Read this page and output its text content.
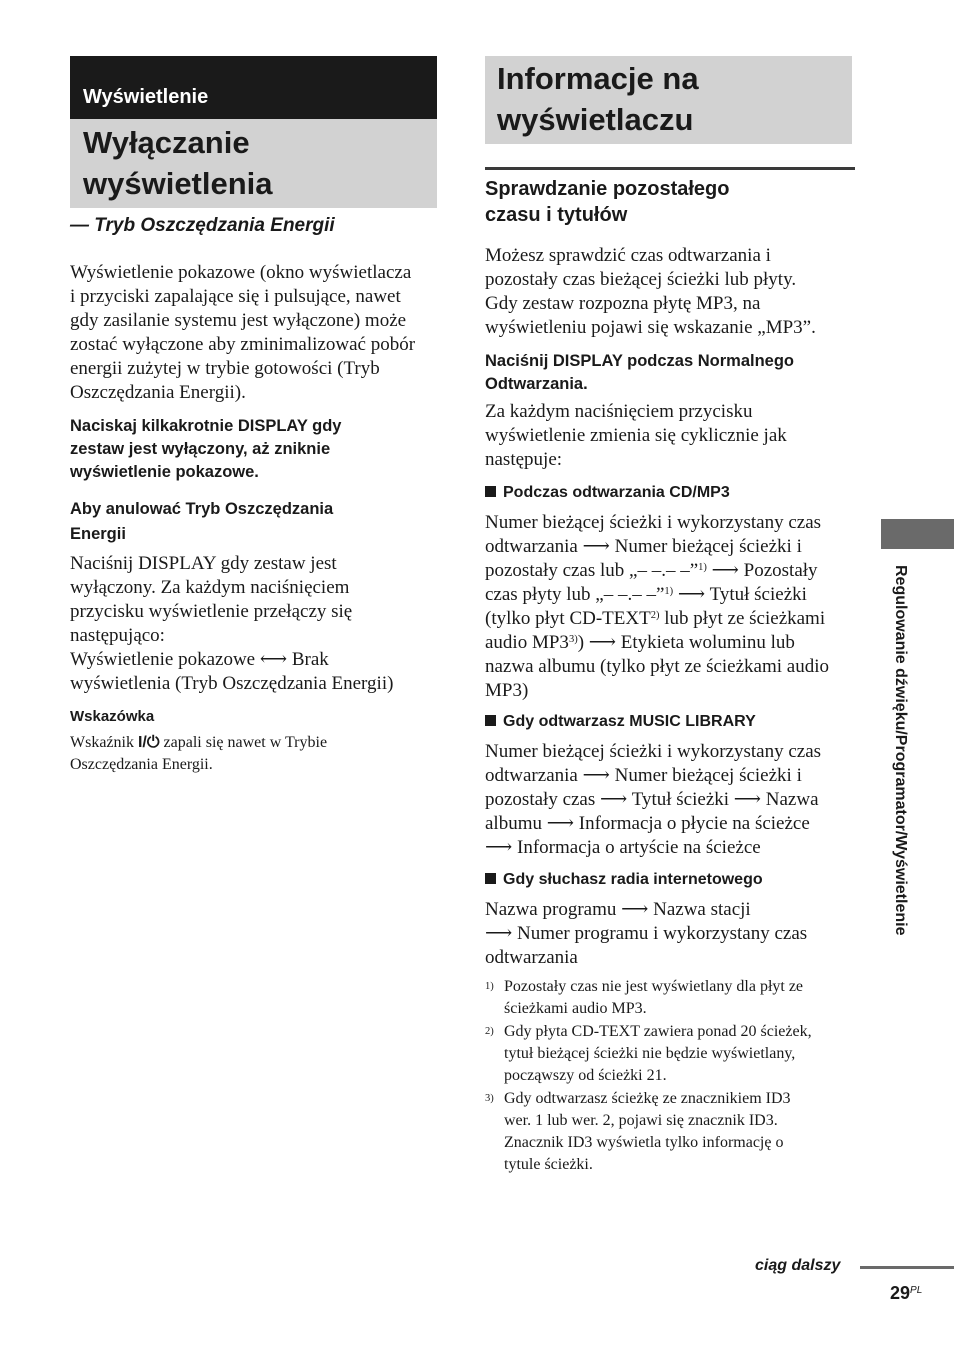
Wyświetlenie
Wyłączanie
wyświetlenia
— Tryb Oszczędzania Energii
Wyświetlenie pokazowe (okno wyświetlacza
i przyciski zapalające się i pulsujące, nawet
gdy zasilanie systemu jest wyłączone) może
zostać wyłączone aby zminimalizować pobór
energii zużytej w trybie gotowości (Tryb
Oszczędzania Energii).
Naciskaj kilkakrotnie DISPLAY gdy
zestaw jest wyłączony, aż zniknie
wyświetlenie pokazowe.
Aby anulować Tryb Oszczędzania
Energii
Naciśnij DISPLAY gdy zestaw jest
wyłączony. Za każdym naciśnięciem
przycisku wyświetlenie przełączy się
następująco:
Wyświetlenie pokazowe ⟷ Brak
wyświetlenia (Tryb Oszczędzania Energii)
Wskazówka
Wskaźnik I/⏻ zapali się nawet w Trybie
Oszczędzania Energii.
Informacje na
wyświetlaczu
Sprawdzanie pozostałego
czasu i tytułów
Możesz sprawdzić czas odtwarzania i
pozostały czas bieżącej ścieżki lub płyty.
Gdy zestaw rozpozna płytę MP3, na
wyświetleniu pojawi się wskazanie „MP3”.
Naciśnij DISPLAY podczas Normalnego
Odtwarzania.
Za każdym naciśnięciem przycisku
wyświetlenie zmienia się cyklicznie jak
następuje:
Podczas odtwarzania CD/MP3
Numer bieżącej ścieżki i wykorzystany czas
odtwarzania ⟶ Numer bieżącej ścieżki i
pozostały czas lub „– –.– –”$^{1)}$ ⟶ Pozostały
czas płyty lub „– –.– –”$^{1)}$ ⟶ Tytuł ścieżki
(tylko płyt CD-TEXT$^{2)}$ lub płyt ze ścieżkami
audio MP3$^{3)}$) ⟶ Etykieta woluminu lub
nazwa albumu (tylko płyt ze ścieżkami audio
MP3)
Gdy odtwarzasz MUSIC LIBRARY
Numer bieżącej ścieżki i wykorzystany czas
odtwarzania ⟶ Numer bieżącej ścieżki i
pozostały czas ⟶ Tytuł ścieżki ⟶ Nazwa
albumu ⟶ Informacja o płycie na ścieżce
⟶ Informacja o artyście na ścieżce
Gdy słuchasz radia internetowego
Nazwa programu ⟶ Nazwa stacji
⟶ Numer programu i wykorzystany czas
odtwarzania
1) Pozostały czas nie jest wyświetlany dla płyt ze
ścieżkami audio MP3.
2) Gdy płyta CD-TEXT zawiera ponad 20 ścieżek,
tytuł bieżącej ścieżki nie będzie wyświetlany,
począwszy od ścieżki 21.
3) Gdy odtwarzasz ścieżkę ze znacznikiem ID3
wer. 1 lub wer. 2, pojawi się znacznik ID3.
Znacznik ID3 wyświetla tylko informację o
tytule ścieżki.
Regulowanie dźwięku/Programator/Wyświetlenie
ciąg dalszy
$29^{PL}$
